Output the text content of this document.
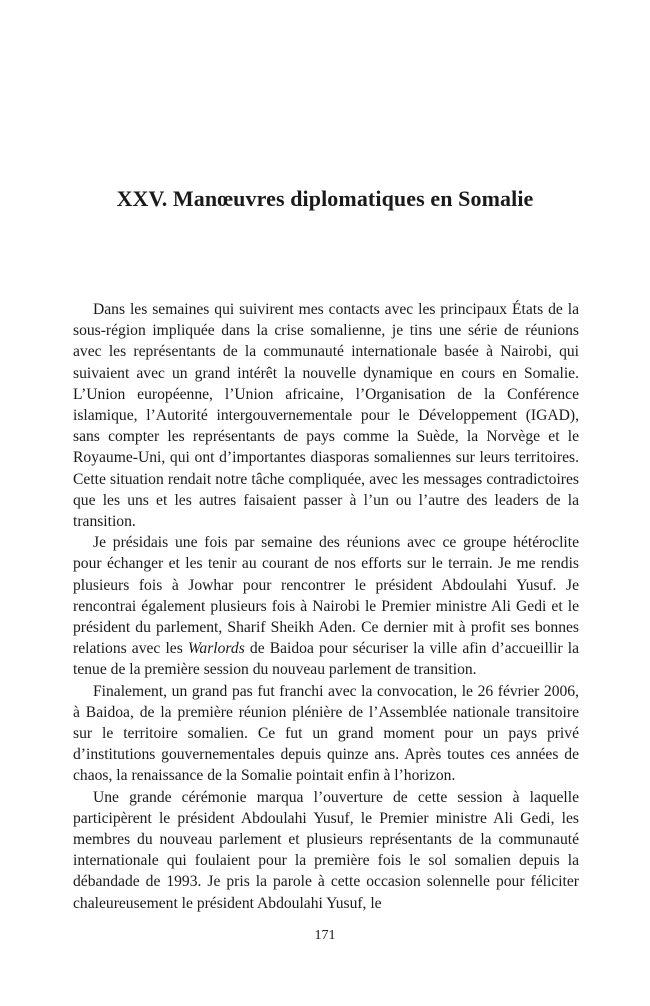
XXV. Manœuvres diplomatiques en Somalie

Dans les semaines qui suivirent mes contacts avec les principaux États de la sous-région impliquée dans la crise somalienne, je tins une série de réunions avec les représentants de la communauté internationale basée à Nairobi, qui suivaient avec un grand intérêt la nouvelle dynamique en cours en Somalie. L’Union européenne, l’Union africaine, l’Organisation de la Conférence islamique, l’Autorité intergouvernementale pour le Développement (IGAD), sans compter les représentants de pays comme la Suède, la Norvège et le Royaume-Uni, qui ont d’importantes diasporas somaliennes sur leurs territoires. Cette situation rendait notre tâche compliquée, avec les messages contradictoires que les uns et les autres faisaient passer à l’un ou l’autre des leaders de la transition.

Je présidais une fois par semaine des réunions avec ce groupe hétéroclite pour échanger et les tenir au courant de nos efforts sur le terrain. Je me rendis plusieurs fois à Jowhar pour rencontrer le président Abdoulahi Yusuf. Je rencontrai également plusieurs fois à Nairobi le Premier ministre Ali Gedi et le président du parlement, Sharif Sheikh Aden. Ce dernier mit à profit ses bonnes relations avec les Warlords de Baidoa pour sécuriser la ville afin d’accueillir la tenue de la première session du nouveau parlement de transition.

Finalement, un grand pas fut franchi avec la convocation, le 26 février 2006, à Baidoa, de la première réunion plénière de l’Assemblée nationale transitoire sur le territoire somalien. Ce fut un grand moment pour un pays privé d’institutions gouvernementales depuis quinze ans. Après toutes ces années de chaos, la renaissance de la Somalie pointait enfin à l’horizon.

Une grande cérémonie marqua l’ouverture de cette session à laquelle participèrent le président Abdoulahi Yusuf, le Premier ministre Ali Gedi, les membres du nouveau parlement et plusieurs représentants de la communauté internationale qui foulaient pour la première fois le sol somalien depuis la débandade de 1993. Je pris la parole à cette occasion solennelle pour féliciter chaleureusement le président Abdoulahi Yusuf, le

171
